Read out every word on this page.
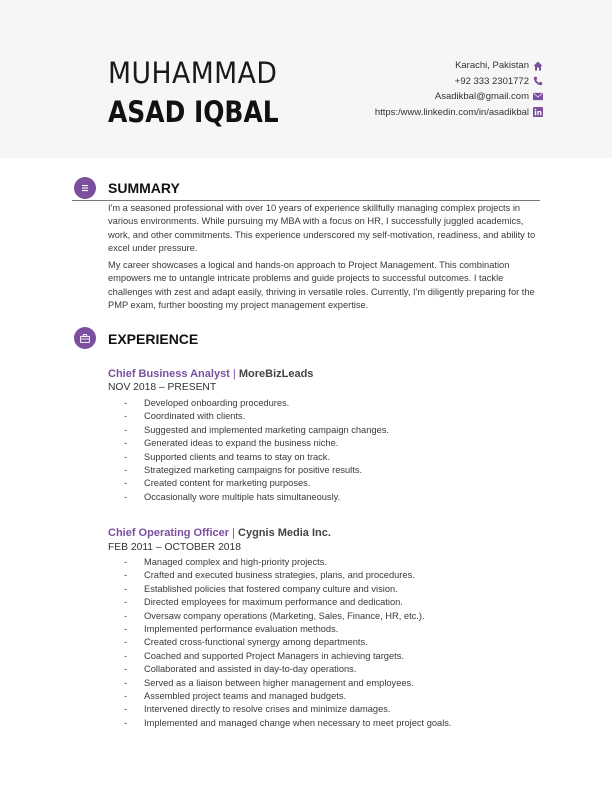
MUHAMMAD
ASAD IQBAL
Karachi, Pakistan
+92 333 2301772
Asadikbal@gmail.com
https:/www.linkedin.com/in/asadikbal
SUMMARY
I'm a seasoned professional with over 10 years of experience skillfully managing complex projects in various environments. While pursuing my MBA with a focus on HR, I successfully juggled academics, work, and other commitments. This experience underscored my self-motivation, readiness, and ability to excel under pressure.
My career showcases a logical and hands-on approach to Project Management. This combination empowers me to untangle intricate problems and guide projects to successful outcomes. I tackle challenges with zest and adapt easily, thriving in versatile roles. Currently, I'm diligently preparing for the PMP exam, further boosting my project management expertise.
EXPERIENCE
Chief Business Analyst | MoreBizLeads
NOV 2018 – PRESENT
-	Developed onboarding procedures.
-	Coordinated with clients.
-	Suggested and implemented marketing campaign changes.
-	Generated ideas to expand the business niche.
-	Supported clients and teams to stay on track.
-	Strategized marketing campaigns for positive results.
-	Created content for marketing purposes.
-	Occasionally wore multiple hats simultaneously.
Chief Operating Officer | Cygnis Media Inc.
FEB 2011 – OCTOBER 2018
-	Managed complex and high-priority projects.
-	Crafted and executed business strategies, plans, and procedures.
-	Established policies that fostered company culture and vision.
-	Directed employees for maximum performance and dedication.
-	Oversaw company operations (Marketing, Sales, Finance, HR, etc.).
-	Implemented performance evaluation methods.
-	Created cross-functional synergy among departments.
-	Coached and supported Project Managers in achieving targets.
-	Collaborated and assisted in day-to-day operations.
-	Served as a liaison between higher management and employees.
-	Assembled project teams and managed budgets.
-	Intervened directly to resolve crises and minimize damages.
-	Implemented and managed change when necessary to meet project goals.
